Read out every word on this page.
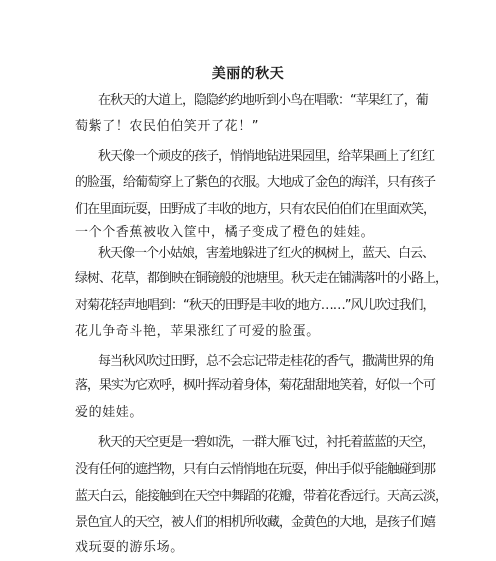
美丽的秋天
在秋天的大道上，隐隐约约地听到小鸟在唱歌：“苹果红了，葡
萄紫了！农民伯伯笑开了花！”
秋天像一个顽皮的孩子，悄悄地钻进果园里，给苹果画上了红红
的脸蛋，给葡萄穿上了紫色的衣服。大地成了金色的海洋，只有孩子
们在里面玩耍，田野成了丰收的地方，只有农民伯伯们在里面欢笑，
一个个香蕉被收入筐中，橘子变成了橙色的娃娃。
秋天像一个小姑娘，害羞地躲进了红火的枫树上，蓝天、白云、
绿树、花草，都倒映在铜镜般的池塘里。秋天走在铺满落叶的小路上，
对菊花轻声地唱到：“秋天的田野是丰收的地方……”风儿吹过我们，
花儿争奇斗艳，苹果涨红了可爱的脸蛋。
每当秋风吹过田野，总不会忘记带走桂花的香气，撒满世界的角
落，果实为它欢呼，枫叶挥动着身体，菊花甜甜地笑着，好似一个可
爱的娃娃。
秋天的天空更是一碧如洗，一群大雁飞过，衬托着蓝蓝的天空，
没有任何的遮挡物，只有白云悄悄地在玩耍，伸出手似乎能触碰到那
蓝天白云，能接触到在天空中舞蹈的花瓣，带着花香远行。天高云淡，
景色宜人的天空，被人们的相机所收藏，金黄色的大地，是孩子们嬉
戏玩耍的游乐场。
